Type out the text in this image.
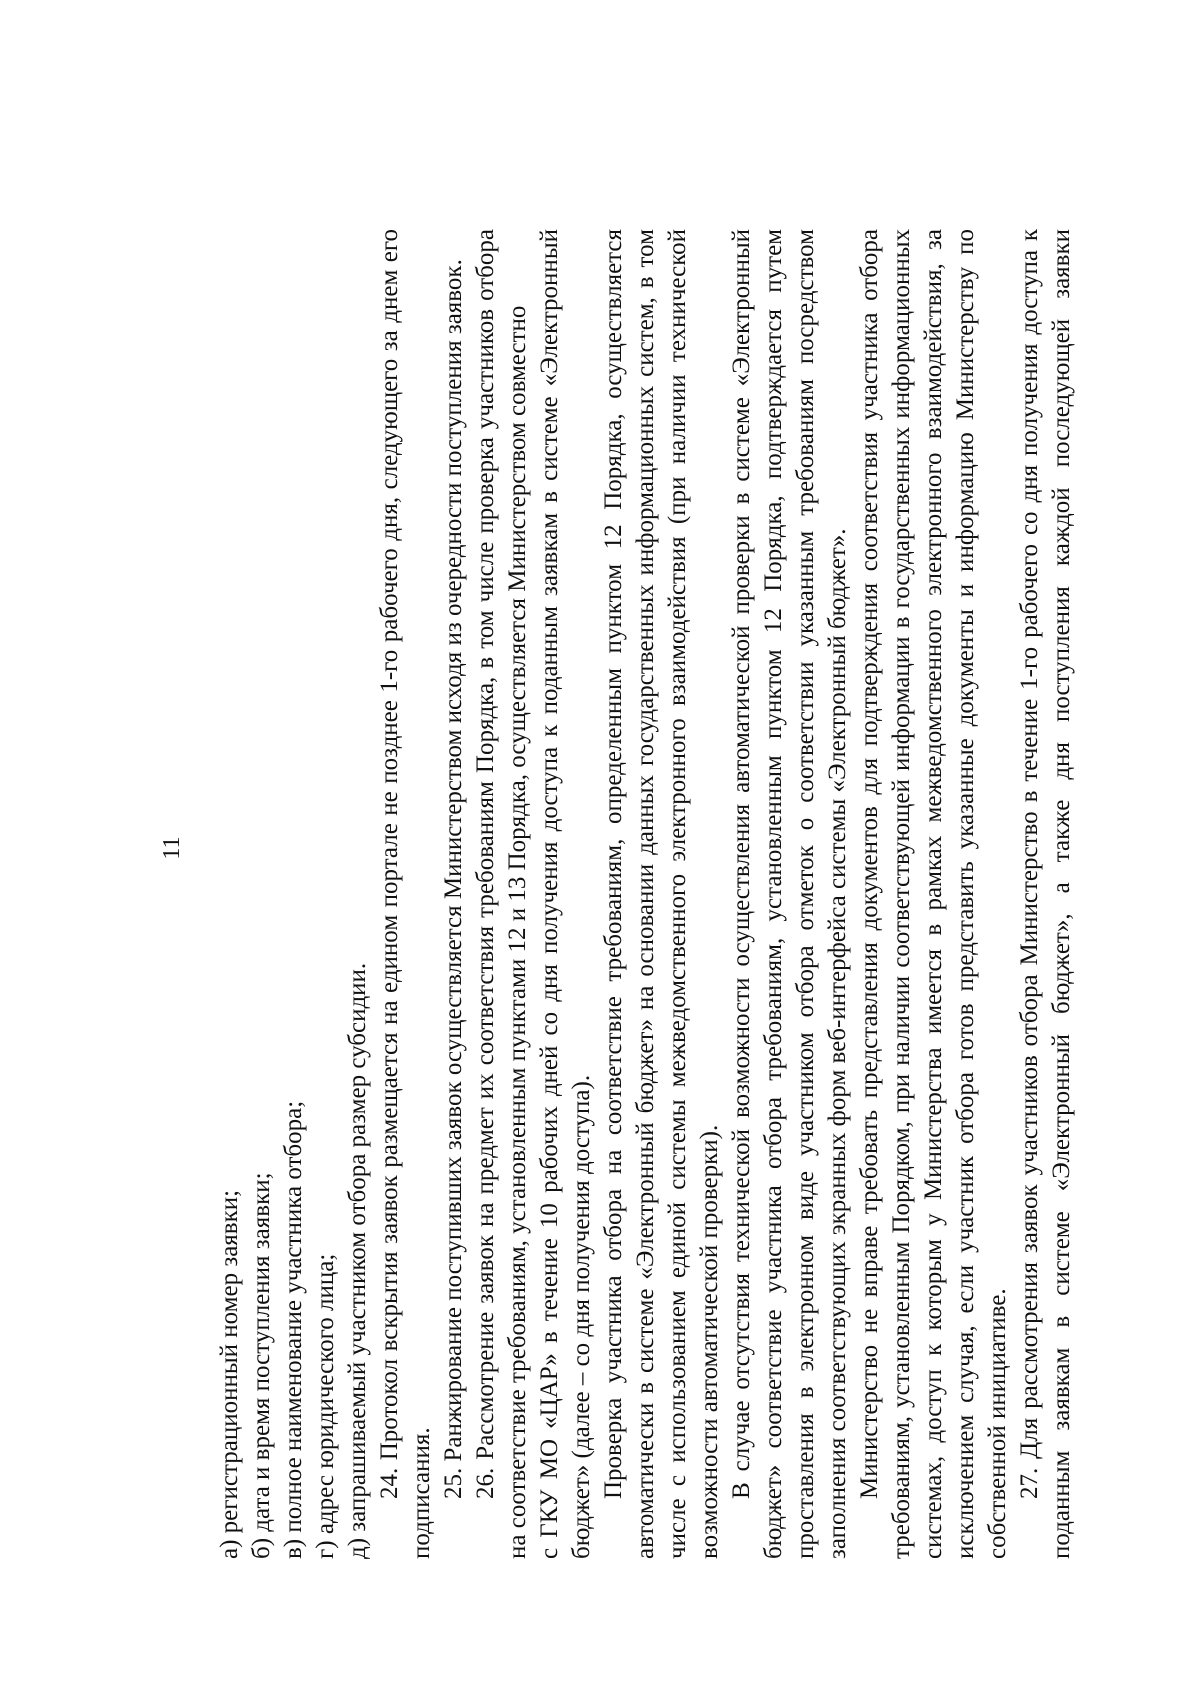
11

а) регистрационный номер заявки; б) дата и время поступления заявки; в) полное наименование участника отбора; г) адрес юридического лица; д) запрашиваемый участником отбора размер субсидии. 24. Протокол вскрытия заявок размещается на едином портале не позднее 1-го рабочего дня, следующего за днем его подписания. 25. Ранжирование поступивших заявок осуществляется Министерством исходя из очередности поступления заявок. 26. Рассмотрение заявок на предмет их соответствия требованиям Порядка, в том числе проверка участников отбора на соответствие требованиям, установленным пунктами 12 и 13 Порядка, осуществляется Министерством совместно с ГКУ МО «ЦАР» в течение 10 рабочих дней со дня получения доступа к поданным заявкам в системе «Электронный бюджет» (далее – со дня получения доступа). Проверка участника отбора на соответствие требованиям, определенным пунктом 12 Порядка, осуществляется автоматически в системе «Электронный бюджет» на основании данных государственных информационных систем, в том числе с использованием единой системы межведомственного электронного взаимодействия (при наличии технической возможности автоматической проверки). В случае отсутствия технической возможности осуществления автоматической проверки в системе «Электронный бюджет» соответствие участника отбора требованиям, установленным пунктом 12 Порядка, подтверждается путем проставления в электронном виде участником отбора отметок о соответствии указанным требованиям посредством заполнения соответствующих экранных форм веб-интерфейса системы «Электронный бюджет». Министерство не вправе требовать представления документов для подтверждения соответствия участника отбора требованиям, установленным Порядком, при наличии соответствующей информации в государственных информационных системах, доступ к которым у Министерства имеется в рамках межведомственного электронного взаимодействия, за исключением случая, если участник отбора готов представить указанные документы и информацию Министерству по собственной инициативе. 27. Для рассмотрения заявок участников отбора Министерство в течение 1-го рабочего со дня получения доступа к поданным заявкам в системе «Электронный бюджет», а также дня поступления каждой последующей заявки
